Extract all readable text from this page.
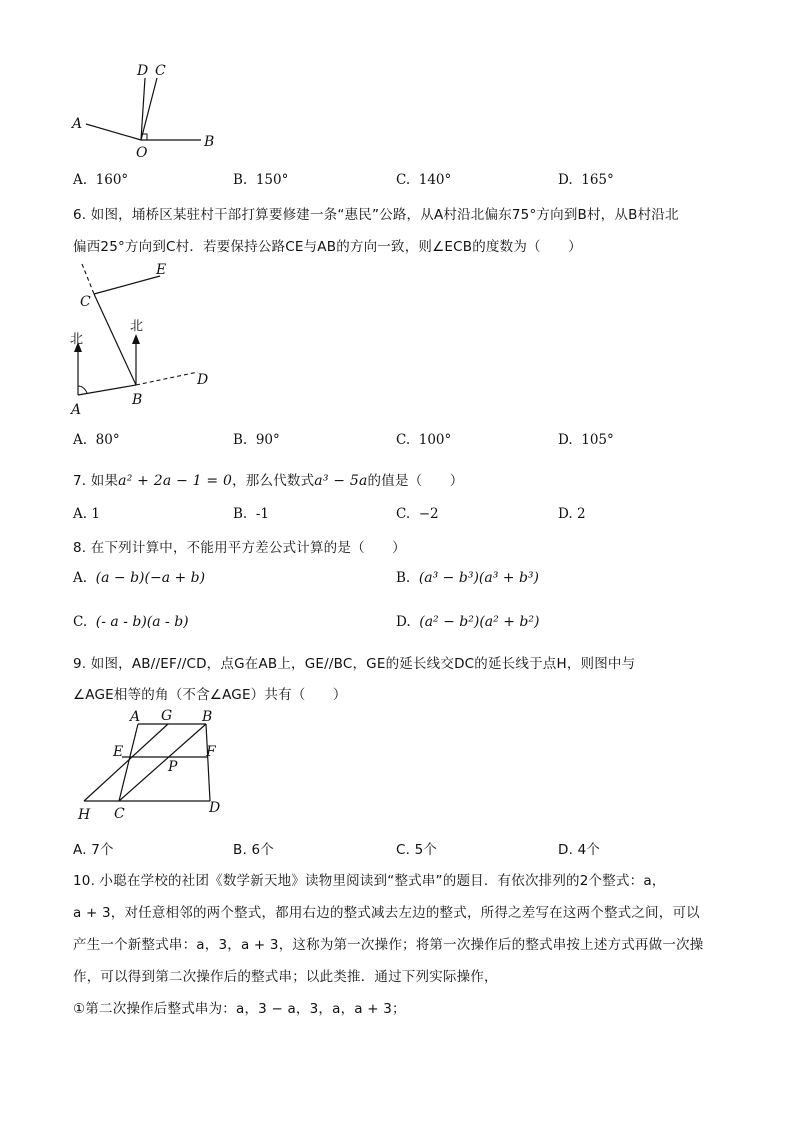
A
B
O
D C
A. 160°	B. 150°	C. 140°	D. 165°
6. 如图，埇桥区某驻村干部打算要修建一条“惠民”公路，从A村沿北偏东75°方向到B村，从B村沿北
偏西25°方向到C村．若要保持公路CE与AB的方向一致，则∠ECB的度数为（　　）
E
C
北
北
A
B
D
A. 80°	B. 90°	C. 100°	D. 105°
7. 如果a² + 2a − 1 = 0，那么代数式a³ − 5a的值是（　　）
A. 1	B. -1	C. −2	D. 2
8. 在下列计算中，不能用平方差公式计算的是（　　）
A. (a − b)(−a + b)	B. (a³ − b³)(a³ + b³)
C. (- a - b)(a - b)	D. (a² − b²)(a² + b²)
9. 如图，AB//EF//CD，点G在AB上，GE//BC，GE的延长线交DC的延长线于点H，则图中与
∠AGE相等的角（不含∠AGE）共有（　　）
A G B
E	F
P
H C	D
A. 7个	B. 6个	C. 5个	D. 4个
10. 小聪在学校的社团《数学新天地》读物里阅读到“整式串”的题目．有依次排列的2个整式：a，
a + 3，对任意相邻的两个整式，都用右边的整式减去左边的整式，所得之差写在这两个整式之间，可以
产生一个新整式串：a，3，a + 3，这称为第一次操作；将第一次操作后的整式串按上述方式再做一次操
作，可以得到第二次操作后的整式串；以此类推．通过下列实际操作，
①第二次操作后整式串为：a，3 − a，3，a，a + 3；
